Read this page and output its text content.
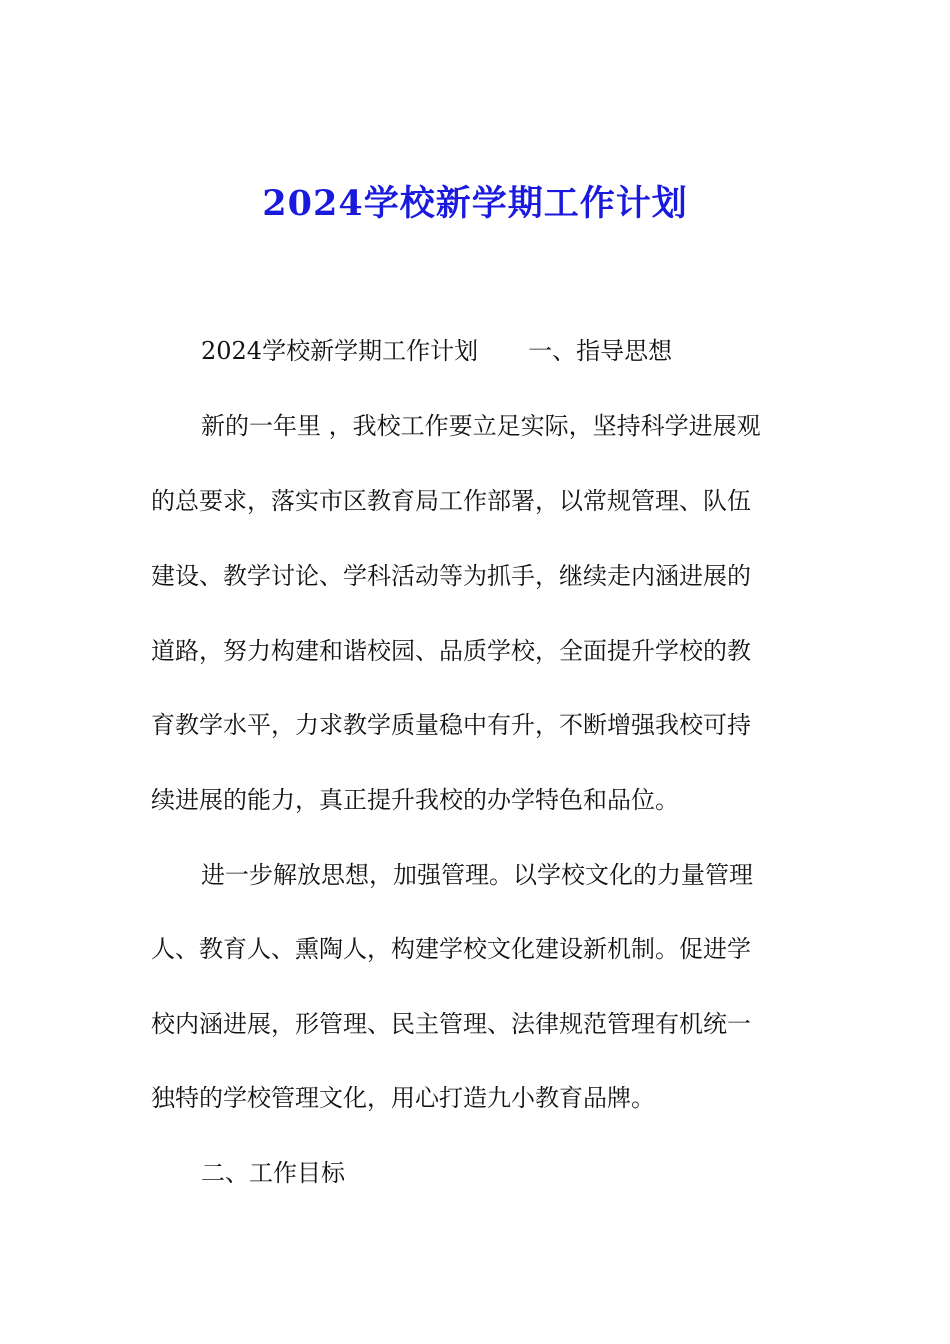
2024学校新学期工作计划

2024学校新学期工作计划 一、指导思想

新的一年里 ，我校工作要立足实际，坚持科学进展观

的总要求，落实市区教育局工作部署，以常规管理、队伍

建设、教学讨论、学科活动等为抓手，继续走内涵进展的

道路，努力构建和谐校园、品质学校，全面提升学校的教

育教学水平，力求教学质量稳中有升，不断增强我校可持

续进展的能力，真正提升我校的办学特色和品位。

进一步解放思想，加强管理。以学校文化的力量管理

人、教育人、熏陶人，构建学校文化建设新机制。促进学

校内涵进展，形管理、民主管理、法律规范管理有机统一

独特的学校管理文化，用心打造九小教育品牌。

二、工作目标
